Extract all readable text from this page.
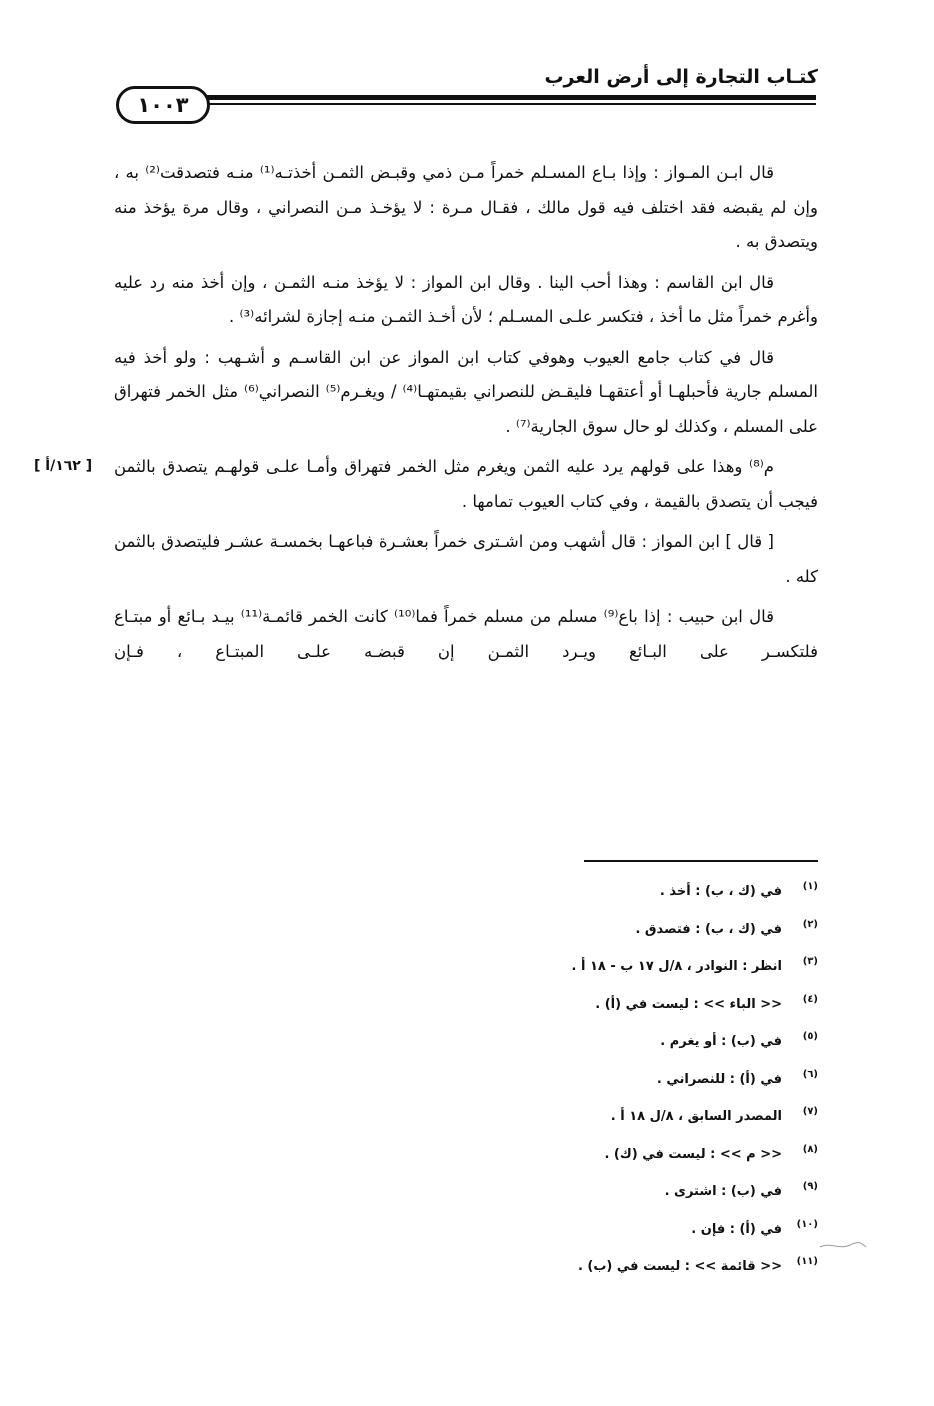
كتـاب التجارة إلى أرض العرب
١٠٠٣
[ ١٦٢/أ ]

قال ابـن المـواز : وإذا بـاع المسـلم خمراً مـن ذمي وقبـض الثمـن أخذتـه⁽¹⁾ منـه فتصدقت⁽²⁾ به ، وإن لم يقبضه فقد اختلف فيه قول مالك ، فقـال مـرة : لا يؤخـذ مـن النصراني ، وقال مرة يؤخذ منه ويتصدق به .

قال ابن القاسم : وهذا أحب الينا . وقال ابن المواز : لا يؤخذ منـه الثمـن ، وإن أخذ منه رد عليه وأغرم خمراً مثل ما أخذ ، فتكسر علـى المسـلم ؛ لأن أخـذ الثمـن منـه إجازة لشرائه⁽³⁾ .

قال في كتاب جامع العيوب وهوفي كتاب ابن المواز عن ابن القاسـم و أشـهب : ولو أخذ فيه المسلم جارية فأحبلهـا أو أعتقهـا فليقـض للنصراني بقيمتهـا⁽⁴⁾ / ويغـرم⁽⁵⁾ النصراني⁽⁶⁾ مثل الخمر فتهراق على المسلم ، وكذلك لو حال سوق الجارية⁽⁷⁾ .

م⁽⁸⁾ وهذا على قولهم يرد عليه الثمن ويغرم مثل الخمر فتهراق وأمـا علـى قولهـم يتصدق بالثمن فيجب أن يتصدق بالقيمة ، وفي كتاب العيوب تمامها .

[ قال ] ابن المواز : قال أشهب ومن اشـترى خمراً بعشـرة فباعهـا بخمسـة عشـر فليتصدق بالثمن كله .

قال ابن حبيب : إذا باع⁽⁹⁾ مسلم من مسلم خمراً فما⁽¹⁰⁾ كانت الخمر قائمـة⁽¹¹⁾ بيـد بـائع أو مبتـاع فلتكسـر على البـائع ويـرد الثمـن إن قبضـه علـى المبتـاع ، فـإن

(١)
في (ك ، ب) : أخذ .
(٢)
في (ك ، ب) : فتصدق .
(٣)
انظر : النوادر ، ٨/ل ١٧ ب - ١٨ أ .
(٤)
<< الباء >> : ليست في (أ) .
(٥)
في (ب) : أو يغرم .
(٦)
في (أ) : للنصراني .
(٧)
المصدر السابق ، ٨/ل ١٨ أ .
(٨)
<< م >> : ليست في (ك) .
(٩)
في (ب) : اشترى .
(١٠)
في (أ) : فإن .
(١١)
<< قائمة >> : ليست في (ب) .
